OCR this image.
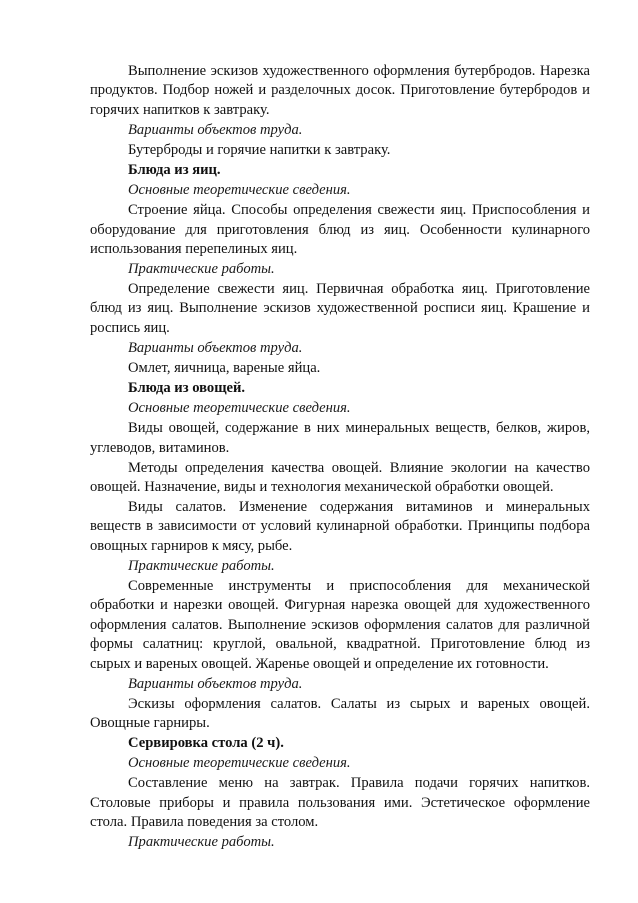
Выполнение эскизов художественного оформления бутербродов. Нарезка продуктов. Подбор ножей и разделочных досок. Приготовление бутербродов и горячих напитков к завтраку.

Варианты объектов труда.

Бутерброды и горячие напитки к завтраку.

Блюда из яиц.

Основные теоретические сведения.

Строение яйца. Способы определения свежести яиц. Приспособления и оборудование для приготовления блюд из яиц. Особенности кулинарного использования перепелиных яиц.

Практические работы.

Определение свежести яиц. Первичная обработка яиц. Приготовление блюд из яиц. Выполнение эскизов художественной росписи яиц. Крашение и роспись яиц.

Варианты объектов труда.

Омлет, яичница, вареные яйца.

Блюда из овощей.

Основные теоретические сведения.

Виды овощей, содержание в них минеральных веществ, белков, жиров, углеводов, витаминов.

Методы определения качества овощей. Влияние экологии на качество овощей. Назначение, виды и технология механической обработки овощей.

Виды салатов. Изменение содержания витаминов и минеральных веществ в зависимости от условий кулинарной обработки. Принципы подбора овощных гарниров к мясу, рыбе.

Практические работы.

Современные инструменты и приспособления для механической обработки и нарезки овощей. Фигурная нарезка овощей для художественного оформления салатов. Выполнение эскизов оформления салатов для различной формы салатниц: круглой, овальной, квадратной. Приготовление блюд из сырых и вареных овощей. Жаренье овощей и определение их готовности.

Варианты объектов труда.

Эскизы оформления салатов. Салаты из сырых и вареных овощей. Овощные гарниры.

Сервировка стола (2 ч).

Основные теоретические сведения.

Составление меню на завтрак. Правила подачи горячих напитков. Столовые приборы и правила пользования ими. Эстетическое оформление стола. Правила поведения за столом.

Практические работы.
